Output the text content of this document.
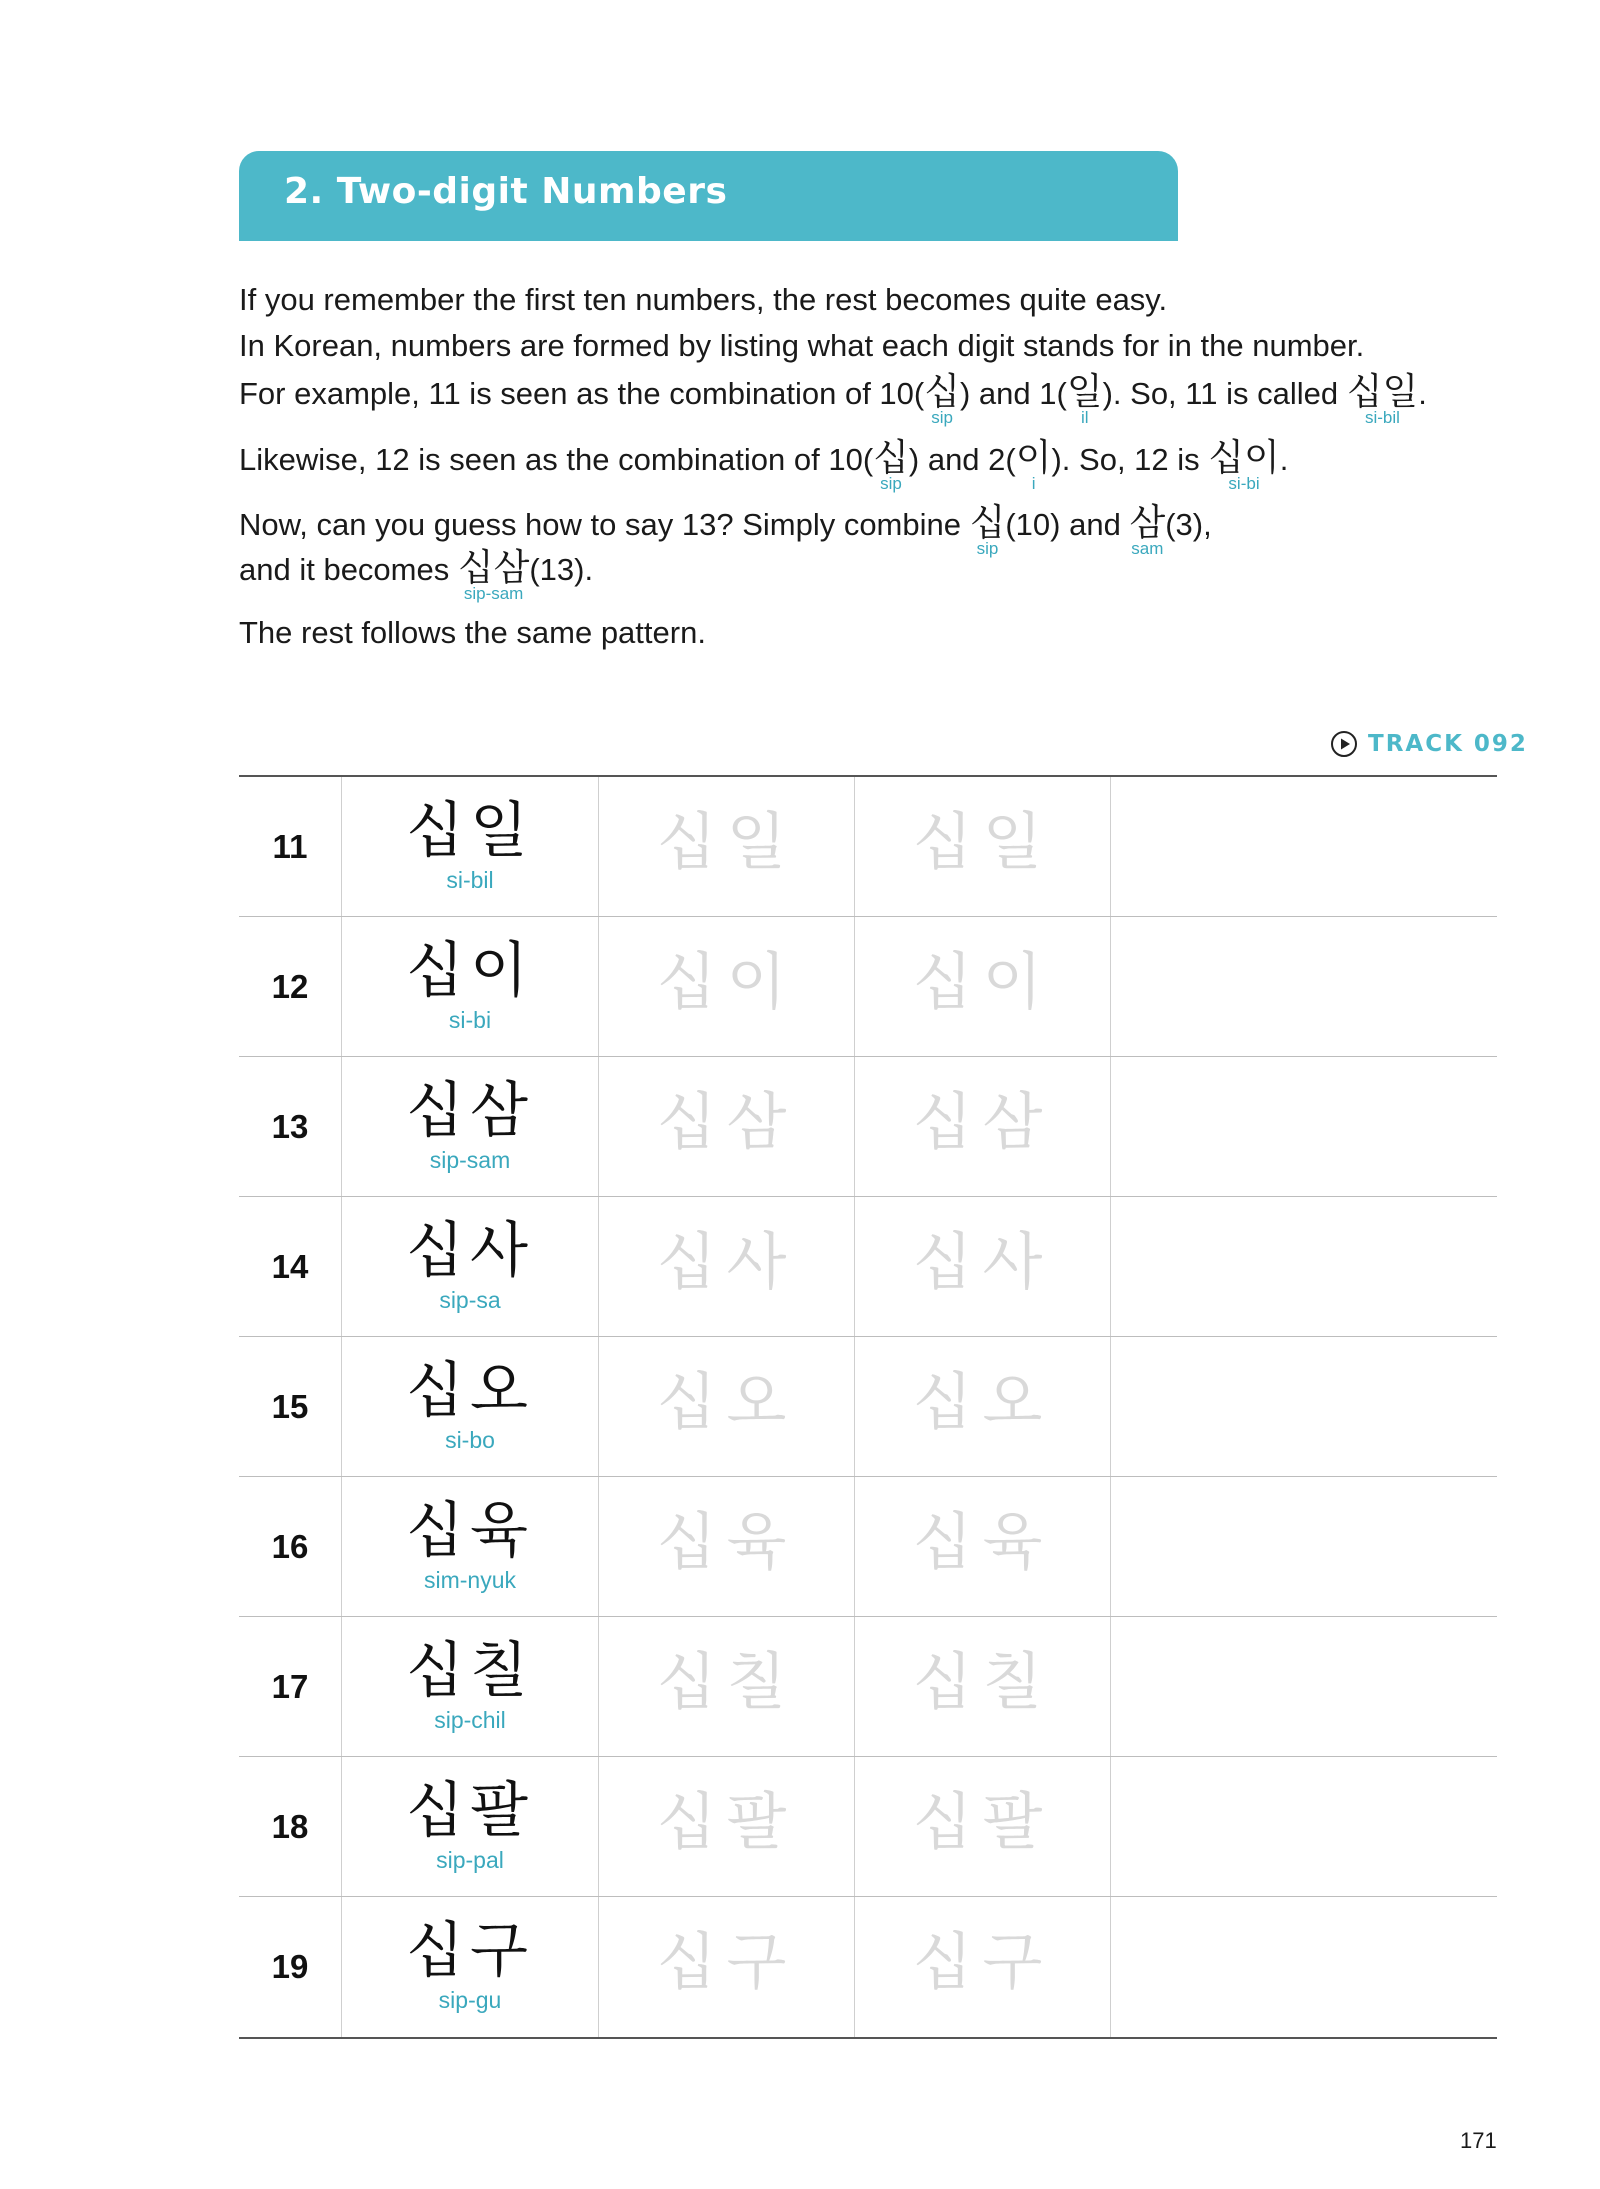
2. Two-digit Numbers
If you remember the first ten numbers, the rest becomes quite easy.
In Korean, numbers are formed by listing what each digit stands for in the number.
For example, 11 is seen as the combination of 10(십
sip
) and 1(일
il
). So, 11 is called 십일
si-bil
.
Likewise, 12 is seen as the combination of 10(십
sip
) and 2(이
i
). So, 12 is 십이
si-bi
.
Now, can you guess how to say 13? Simply combine 십
sip
(10) and 삼
sam
(3),
and it becomes 십삼
sip-sam
(13).
The rest follows the same pattern.
TRACK 092
11	십일
si-bil
십일	십일
12	십이
si-bi
십이	십이
13	십삼
sip-sam
십삼	십삼
14	십사
sip-sa
십사	십사
15	십오
si-bo
십오	십오
16	십육
sim-nyuk
십육	십육
17	십칠
sip-chil
십칠	십칠
18	십팔
sip-pal
십팔	십팔
19	십구
sip-gu
십구	십구
171
